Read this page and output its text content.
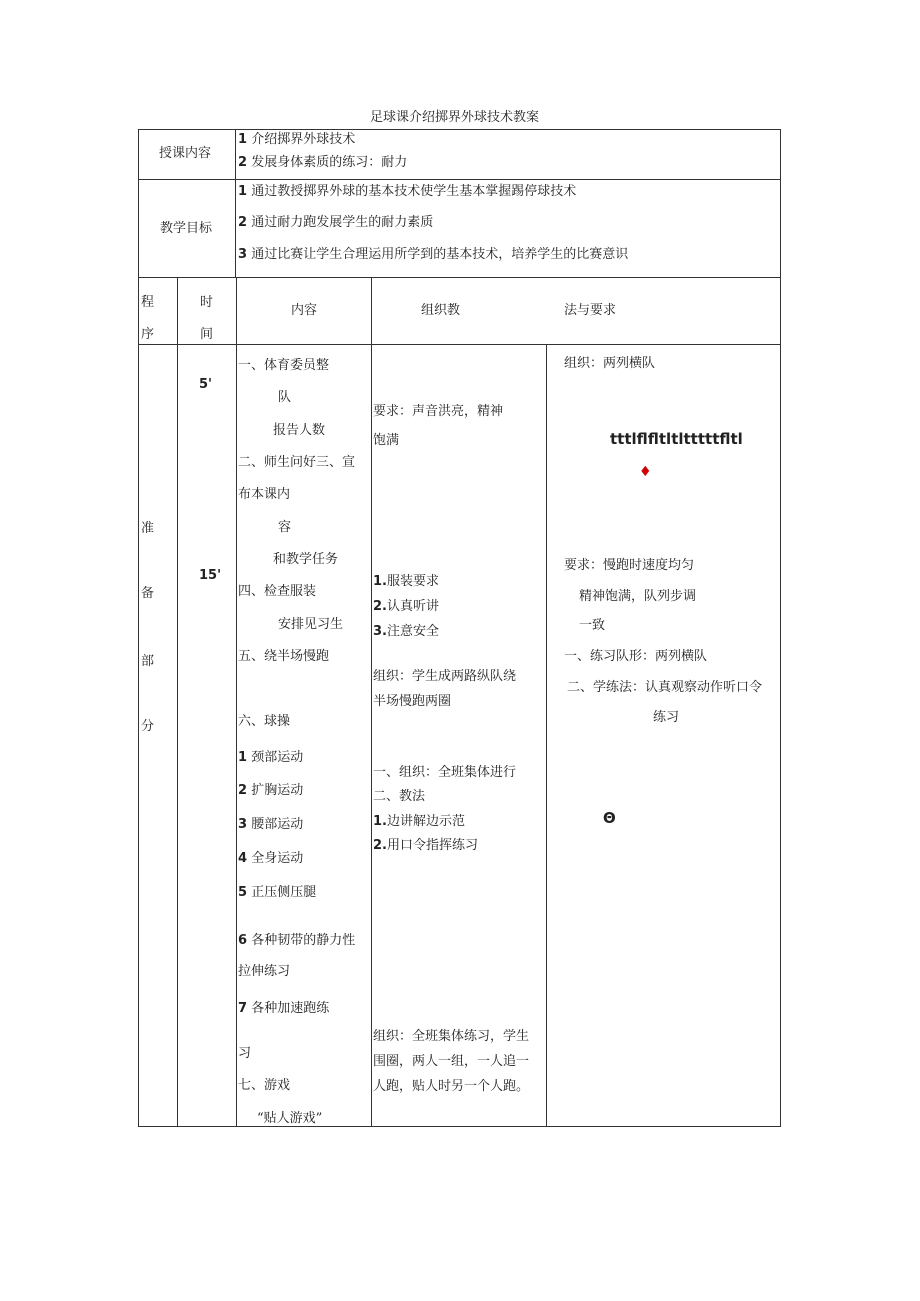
足球课介绍掷界外球技术教案
授课内容
1 介绍掷界外球技术
2 发展身体素质的练习：耐力
教学目标
1 通过教授掷界外球的基本技术使学生基本掌握踢停球技术
2 通过耐力跑发展学生的耐力素质
3 通过比赛让学生合理运用所学到的基本技术，培养学生的比赛意识
程
序
时
间
内容	组织教	法与要求
准
备
部
分
5'
15'
一、体育委员整
队
报告人数
二、师生问好三、宣
布本课内
容
和教学任务
四、检查服装
安排见习生
五、绕半场慢跑
六、球操
1 颈部运动
2 扩胸运动
3 腰部运动
4 全身运动
5 正压侧压腿
6 各种韧带的静力性
拉伸练习
7 各种加速跑练
习
七、游戏
“贴人游戏”
要求：声音洪亮，精神
饱满
1.服装要求
2.认真听讲
3.注意安全
组织：学生成两路纵队绕
半场慢跑两圈
一、组织：全班集体进行
二、教法
1.边讲解边示范
2.用口令指挥练习
组织：全班集体练习，学生
围圈，两人一组，一人追一
人跑，贴人时另一个人跑。
组织：两列横队
tttlflfltltltttttfltl
♦
要求：慢跑时速度均匀
精神饱满，队列步调
一致
一、练习队形：两列横队
二、学练法：认真观察动作听口令
练习
Θ
